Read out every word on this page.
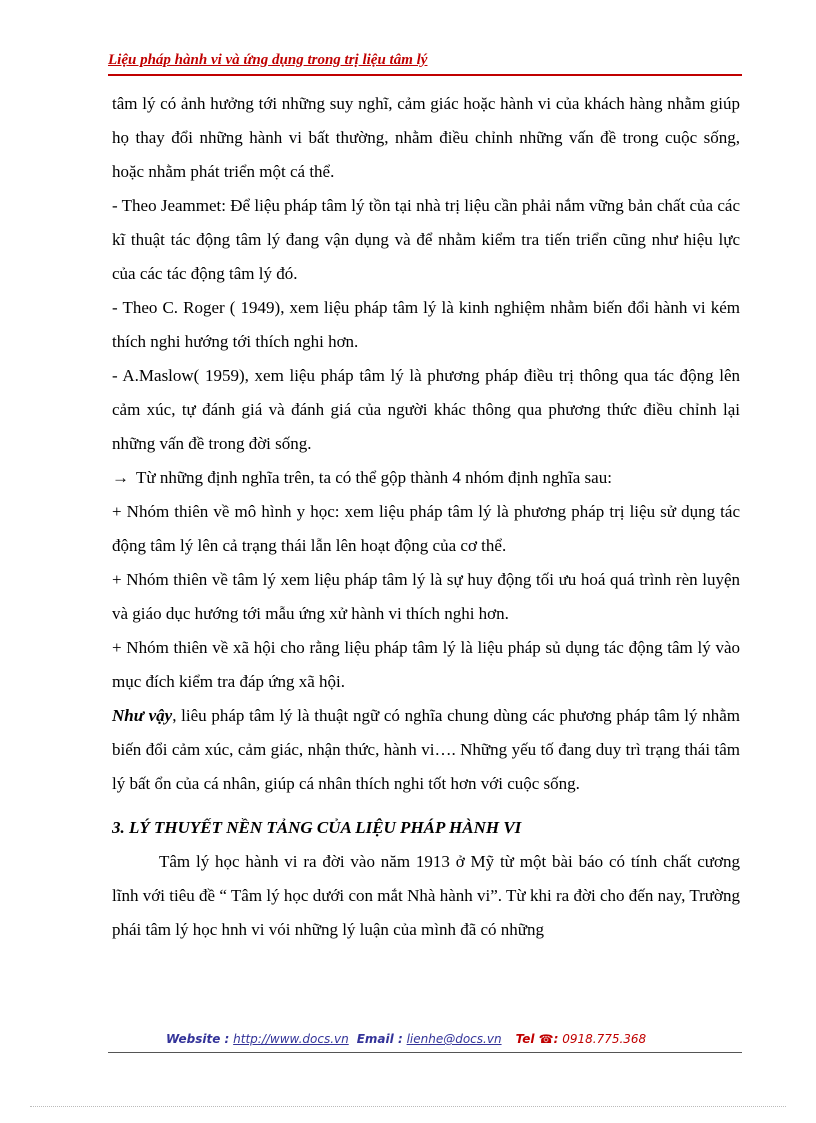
Liệu pháp hành vi và ứng dụng trong trị liệu tâm lý

tâm lý có ảnh hưởng tới những suy nghĩ, cảm giác hoặc hành vi của khách hàng nhằm giúp họ thay đổi những hành vi bất thường, nhằm điều chỉnh những vấn đề trong cuộc sống, hoặc nhằm phát triển một cá thể.

- Theo Jeammet: Để liệu pháp tâm lý tồn tại nhà trị liệu cần phải nắm vững bản chất của các kĩ thuật tác động tâm lý đang vận dụng và để nhằm kiểm tra tiến triển cũng như hiệu lực của các tác động tâm lý đó.

- Theo C. Roger ( 1949), xem liệu pháp tâm lý là kinh nghiệm nhằm biến đổi hành vi kém thích nghi hướng tới thích nghi hơn.

- A.Maslow( 1959), xem liệu pháp tâm lý là phương pháp điều trị thông qua tác động lên cảm xúc, tự đánh giá và đánh giá của người khác thông qua phương thức điều chỉnh lại những vấn đề trong đời sống.

→ Từ những định nghĩa trên, ta có thể gộp thành 4 nhóm định nghĩa sau:

+ Nhóm thiên về mô hình y học: xem liệu pháp tâm lý là phương pháp trị liệu sử dụng tác động tâm lý lên cả trạng thái lẫn lên hoạt động của cơ thể.

+ Nhóm thiên về tâm lý xem liệu pháp tâm lý là sự huy động tối ưu hoá quá trình rèn luyện và giáo dục hướng tới mẫu ứng xử hành vi thích nghi hơn.

+ Nhóm thiên về xã hội cho rằng liệu pháp tâm lý là liệu pháp sủ dụng tác động tâm lý vào mục đích kiểm tra đáp ứng xã hội.

Như vậy, liêu pháp tâm lý là thuật ngữ có nghĩa chung dùng các phương pháp tâm lý nhằm biến đổi cảm xúc, cảm giác, nhận thức, hành vi…. Những yếu tố đang duy trì trạng thái tâm lý bất ổn của cá nhân, giúp cá nhân thích nghi tốt hơn với cuộc sống.

3. LÝ THUYẾT NỀN TẢNG CỦA LIỆU PHÁP HÀNH VI

Tâm lý học hành vi ra đời vào năm 1913 ở Mỹ từ một bài báo có tính chất cương lĩnh với tiêu đề “ Tâm lý học dưới con mắt Nhà hành vi”. Từ khi ra đời cho đến nay, Trường phái tâm lý học hnh vi vói những lý luận của mình đã có những

Website : http://www.docs.vn Email : lienhe@docs.vn Tel ☎: 0918.775.368
